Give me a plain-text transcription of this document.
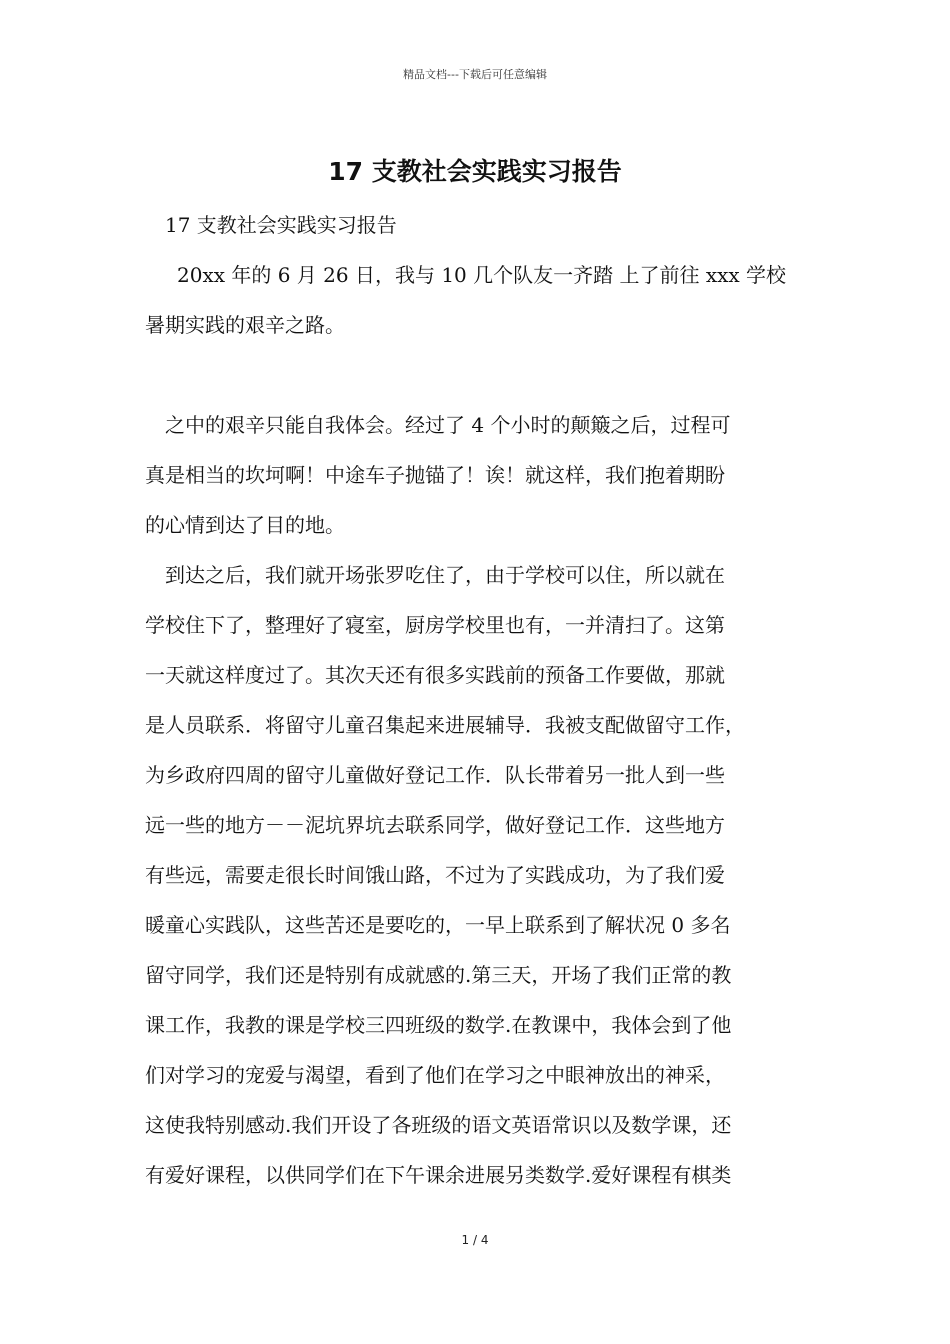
精品文档---下载后可任意编辑
17 支教社会实践实习报告
17 支教社会实践实习报告
20xx 年的 6 月 26 日，我与 10 几个队友一齐踏 上了前往 xxx 学校
暑期实践的艰辛之路。
之中的艰辛只能自我体会。经过了 4 个小时的颠簸之后，过程可
真是相当的坎坷啊！中途车子抛锚了！诶！就这样，我们抱着期盼
的心情到达了目的地。
到达之后，我们就开场张罗吃住了，由于学校可以住，所以就在
学校住下了，整理好了寝室，厨房学校里也有，一并清扫了。这第
一天就这样度过了。其次天还有很多实践前的预备工作要做，那就
是人员联系．将留守儿童召集起来进展辅导．我被支配做留守工作，
为乡政府四周的留守儿童做好登记工作．队长带着另一批人到一些
远一些的地方－－泥坑界坑去联系同学，做好登记工作．这些地方
有些远，需要走很长时间饿山路，不过为了实践成功，为了我们爱
暖童心实践队，这些苦还是要吃的，一早上联系到了解状况 0 多名
留守同学，我们还是特别有成就感的.第三天，开场了我们正常的教
课工作，我教的课是学校三四班级的数学.在教课中，我体会到了他
们对学习的宠爱与渴望，看到了他们在学习之中眼神放出的神采，
这使我特别感动.我们开设了各班级的语文英语常识以及数学课，还
有爱好课程，以供同学们在下午课余进展另类数学.爱好课程有棋类
1 / 4
